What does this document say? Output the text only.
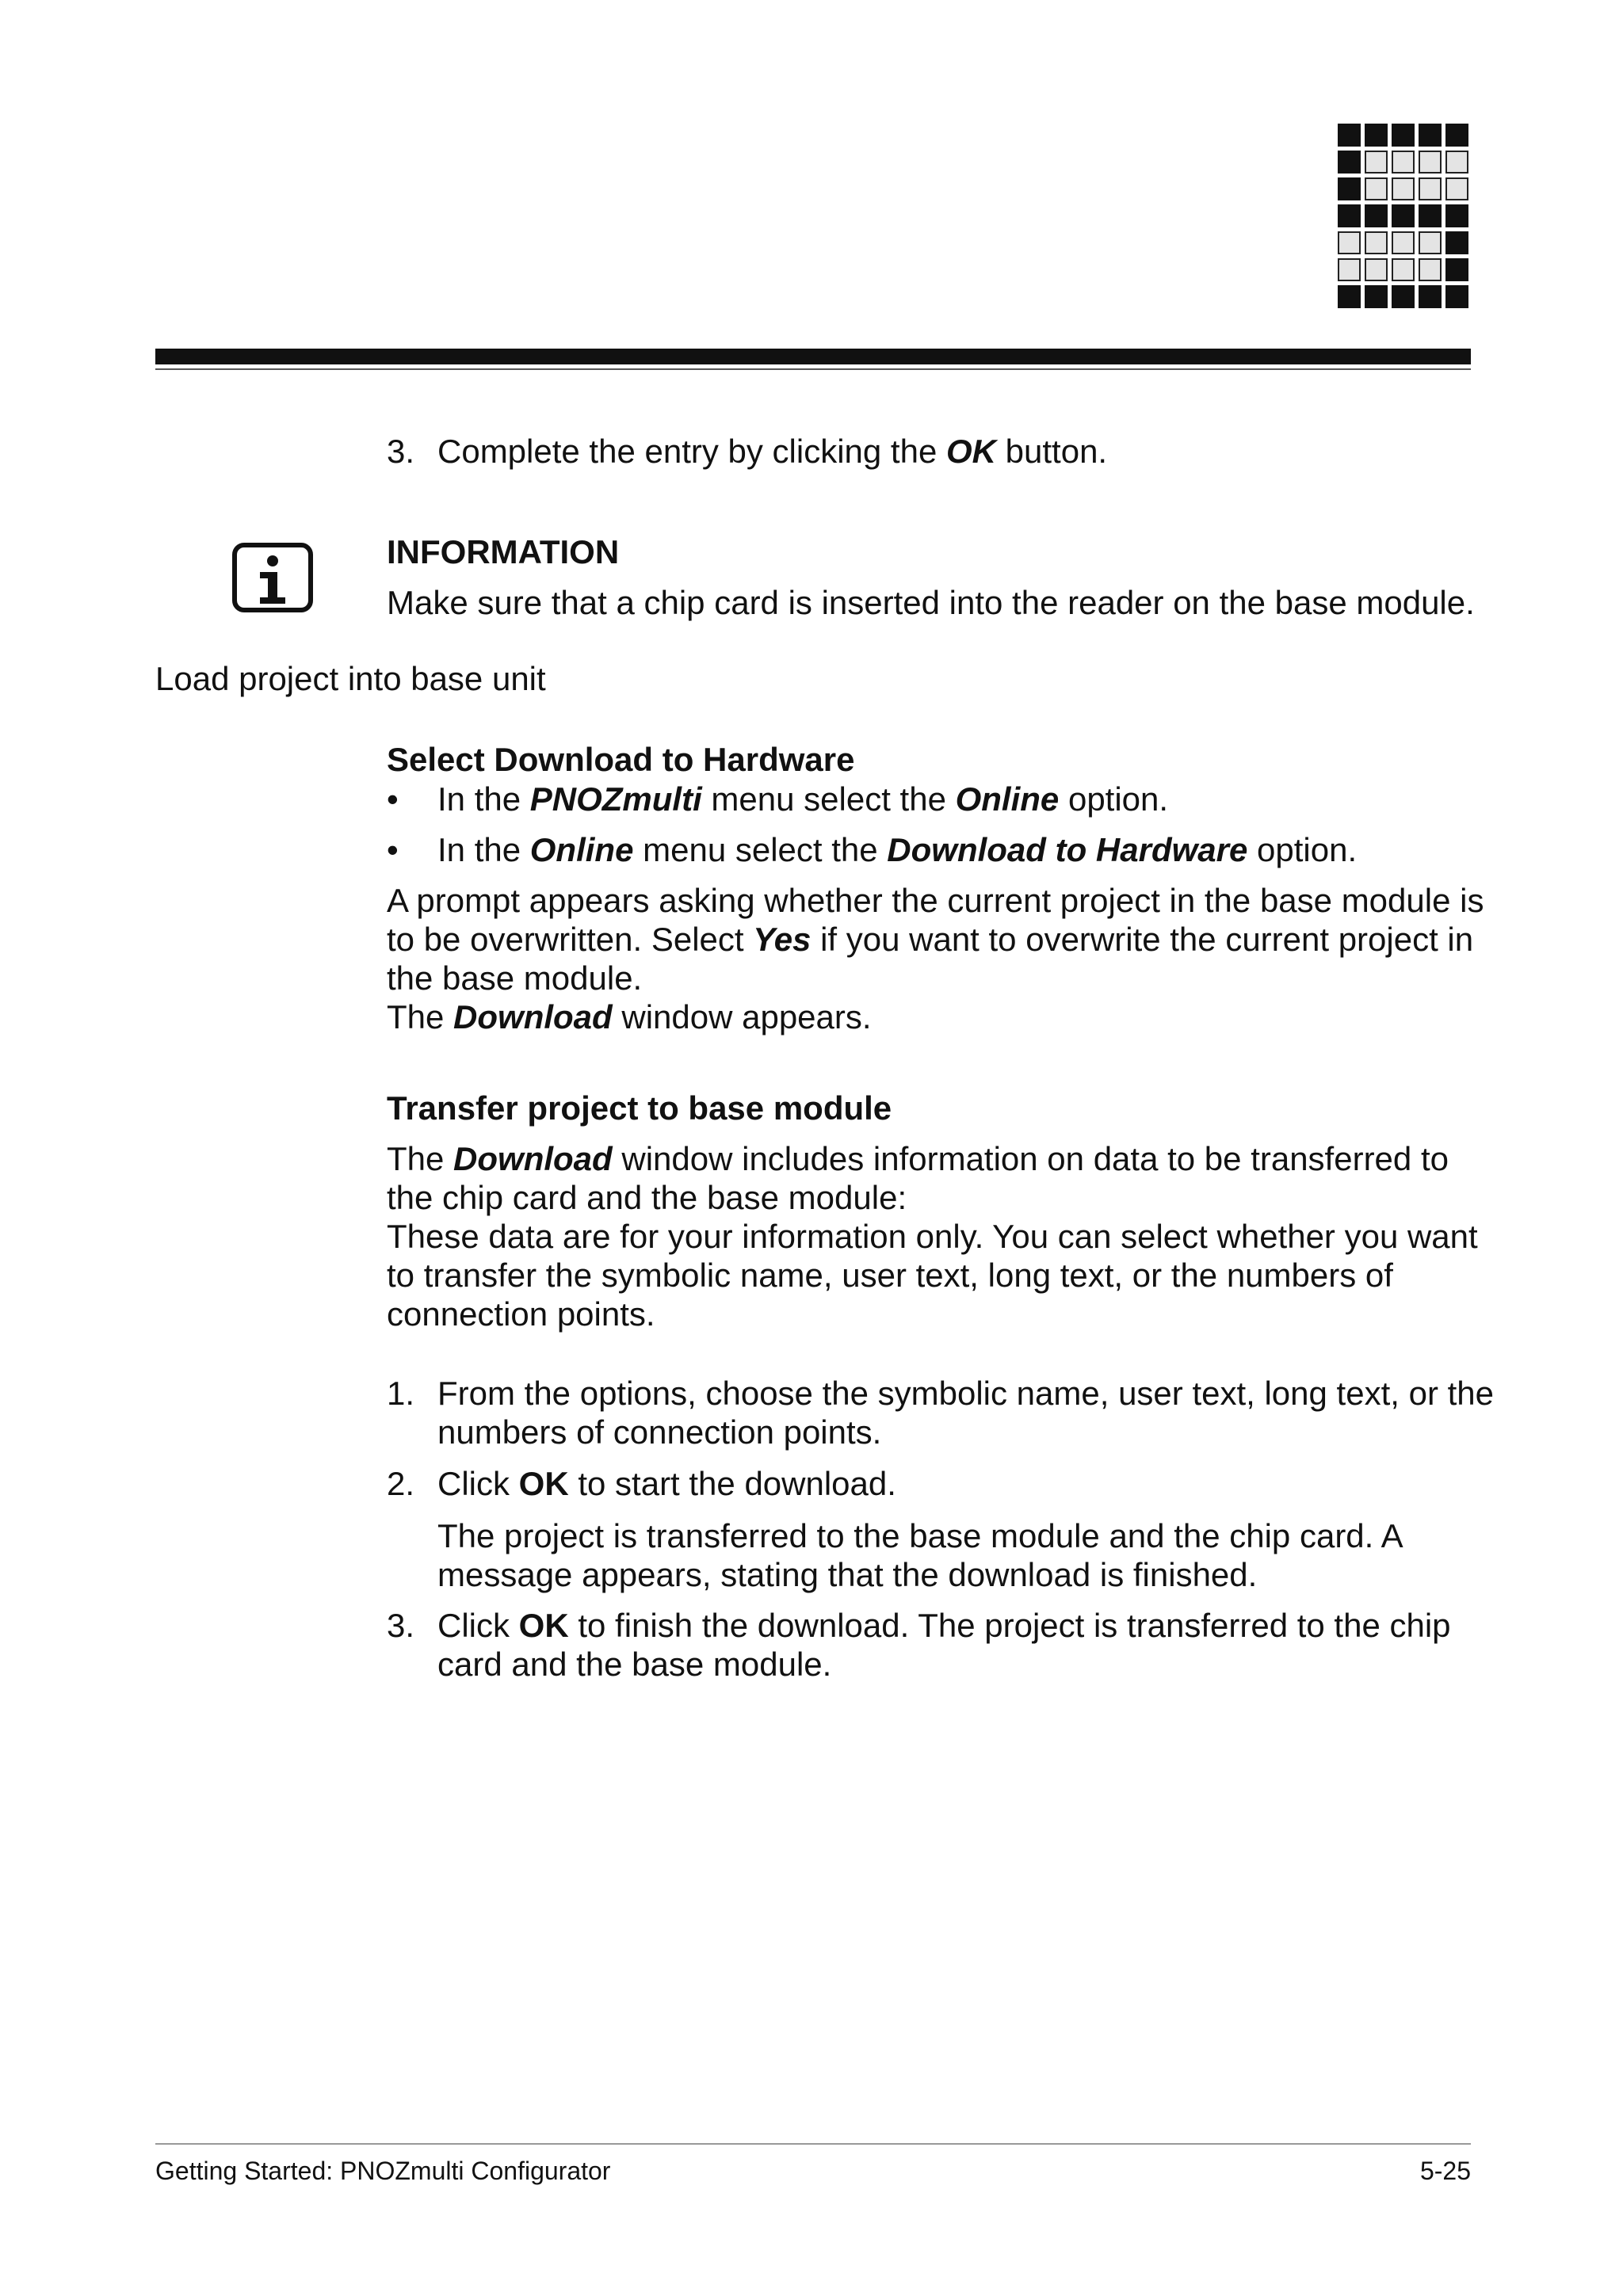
3. Complete the entry by clicking the OK button.
INFORMATION
Make sure that a chip card is inserted into the reader on the base module.
Load project into base unit
Select Download to Hardware
• In the PNOZmulti menu select the Online option.
• In the Online menu select the Download to Hardware option.
A prompt appears asking whether the current project in the base module is
to be overwritten. Select Yes if you want to overwrite the current project in
the base module.
The Download window appears.
Transfer project to base module
The Download window includes information on data to be transferred to
the chip card and the base module:
These data are for your information only. You can select whether you want
to transfer the symbolic name, user text, long text, or the numbers of
connection points.
1. From the options, choose the symbolic name, user text, long text, or the
numbers of connection points.
2. Click OK to start the download.
The project is transferred to the base module and the chip card. A
message appears, stating that the download is finished.
3. Click OK to finish the download. The project is transferred to the chip
card and the base module.
Getting Started: PNOZmulti Configurator	5-25
